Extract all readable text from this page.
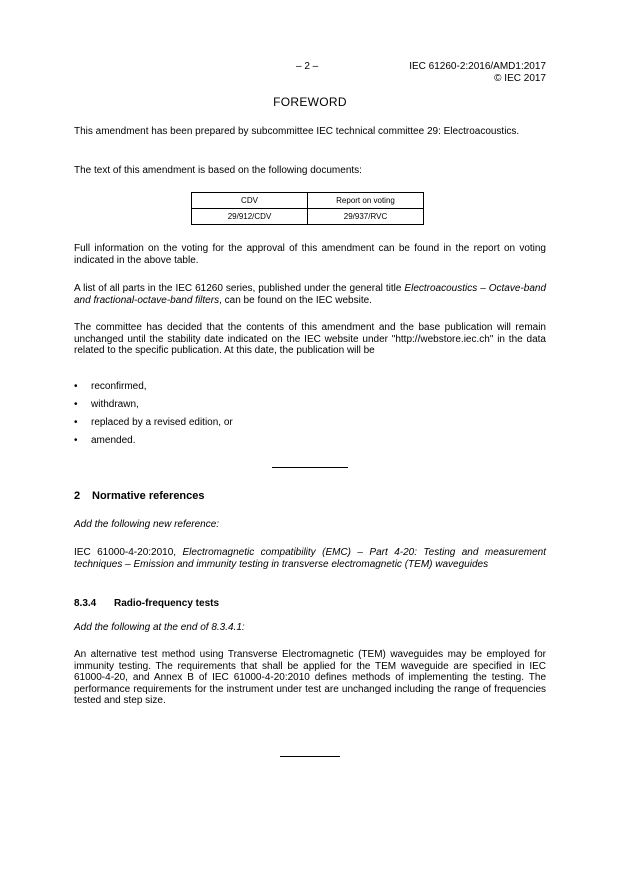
– 2 –	IEC 61260-2:2016/AMD1:2017
© IEC 2017
FOREWORD
This amendment has been prepared by subcommittee IEC technical committee 29: Electroacoustics.
The text of this amendment is based on the following documents:
CDV	Report on voting
29/912/CDV	29/937/RVC
Full information on the voting for the approval of this amendment can be found in the report on voting indicated in the above table.
A list of all parts in the IEC 61260 series, published under the general title Electroacoustics – Octave-band and fractional-octave-band filters, can be found on the IEC website.
The committee has decided that the contents of this amendment and the base publication will remain unchanged until the stability date indicated on the IEC website under "http://webstore.iec.ch" in the data related to the specific publication. At this date, the publication will be
• reconfirmed,
• withdrawn,
• replaced by a revised edition, or
• amended.
2 Normative references
Add the following new reference:
IEC 61000-4-20:2010, Electromagnetic compatibility (EMC) – Part 4-20: Testing and measurement techniques – Emission and immunity testing in transverse electromagnetic (TEM) waveguides
8.3.4 Radio-frequency tests
Add the following at the end of 8.3.4.1:
An alternative test method using Transverse Electromagnetic (TEM) waveguides may be employed for immunity testing. The requirements that shall be applied for the TEM waveguide are specified in IEC 61000-4-20, and Annex B of IEC 61000-4-20:2010 defines methods of implementing the testing. The performance requirements for the instrument under test are unchanged including the range of frequencies tested and step size.
